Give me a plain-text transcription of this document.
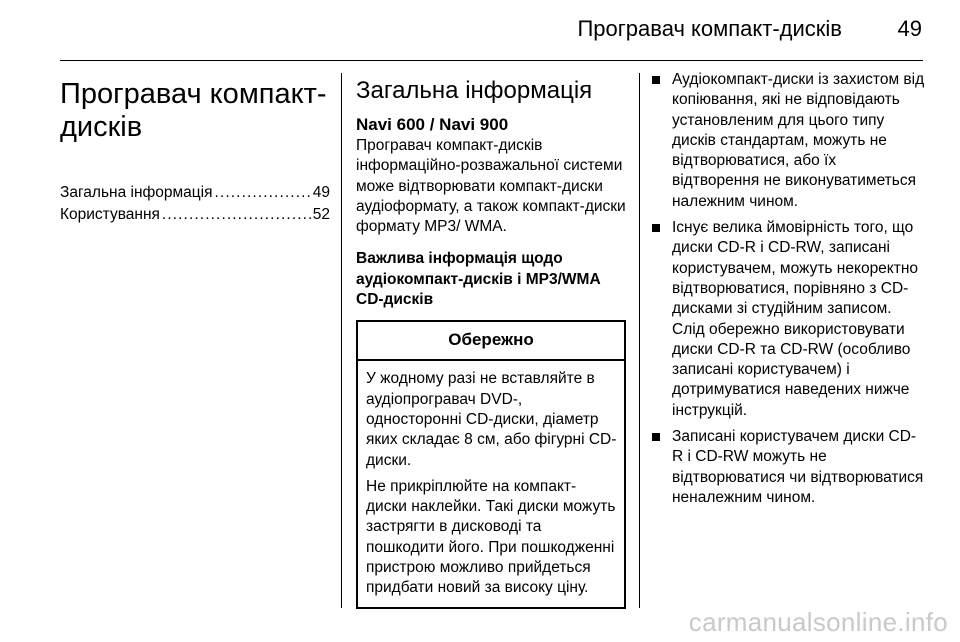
Програвач компакт-дисків	49
Програвач компакт-дисків
Загальна інформація . . .	49
Користування . . .	52
Загальна інформація
Navi 600 / Navi 900

Програвач компакт-дисків інформаційно-розважальної системи може відтворювати компакт-диски аудіоформату, а також компакт-диски формату MP3/ WMA.

Важлива інформація щодо аудіокомпакт-дисків і MP3/WMA CD-дисків

Обережно

У жодному разі не вставляйте в аудіопрогравач DVD-, односторонні CD-диски, діаметр яких складає 8 см, або фігурні CD-диски.

Не прикріплюйте на компакт-диски наклейки. Такі диски можуть застрягти в дисководі та пошкодити його. При пошкодженні пристрою можливо прийдеться придбати новий за високу ціну.

Аудіокомпакт-диски із захистом від копіювання, які не відповідають установленим для цього типу дисків стандартам, можуть не відтворюватися, або їх відтворення не виконуватиметься належним чином.
Існує велика ймовірність того, що диски CD-R і CD-RW, записані користувачем, можуть некоректно відтворюватися, порівняно з CD-дисками зі студійним записом. Слід обережно використовувати диски CD-R та CD-RW (особливо записані користувачем) і дотримуватися наведених нижче інструкцій.
Записані користувачем диски CD-R і CD-RW можуть не відтворюватися чи відтворюватися неналежним чином.
carmanualsonline.info
